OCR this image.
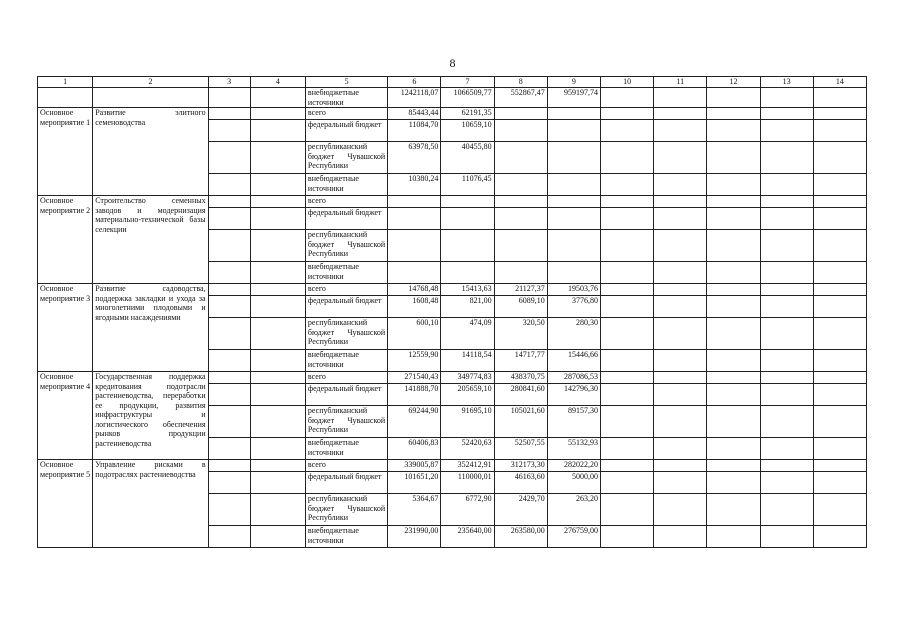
8
1	2	3	4	5	6	7	8	9	10	11	12	13	14
				внебюджетные источники	1242118,07	1066509,77	552867,47	959197,74					
Основное мероприятие 1	Развитие элитного семеноводства			всего	85443,44	62191,35							
				федеральный бюджет	11084,70	10659,10							
				республиканский бюджет Чувашской Республики	63978,50	40455,80							
				внебюджетные источники	10380,24	11076,45							
Основное мероприятие 2	Строительство семенных заводов и модернизация материально-технической базы селекции			всего									
				федеральный бюджет									
				республиканский бюджет Чувашской Республики									
				внебюджетные источники									
Основное мероприятие 3	Развитие садоводства, поддержка закладки и ухода за многолетними плодовыми и ягодными насаждениями			всего	14768,48	15413,63	21127,37	19503,76					
				федеральный бюджет	1608,48	821,00	6089,10	3776,80					
				республиканский бюджет Чувашской Республики	600,10	474,09	320,50	280,30					
				внебюджетные источники	12559,90	14118,54	14717,77	15446,66					
Основное мероприятие 4	Государственная поддержка кредитования подотрасли растениеводства, переработки ее продукции, развития инфраструктуры и логистического обеспечения рынков продукции растениеводства			всего	271540,43	349774,83	438370,75	287086,53					
				федеральный бюджет	141888,70	205659,10	280841,60	142796,30					
				республиканский бюджет Чувашской Республики	69244,90	91695,10	105021,60	89157,30					
				внебюджетные источники	60406,83	52420,63	52507,55	55132,93					
Основное мероприятие 5	Управление рисками в подотраслях растениеводства			всего	339005,87	352412,91	312173,30	282022,20					
				федеральный бюджет	101651,20	110000,01	46163,60	5000,00					
				республиканский бюджет Чувашской Республики	5364,67	6772,90	2429,70	263,20					
				внебюджетные источники	231990,00	235640,00	263580,00	276759,00					
